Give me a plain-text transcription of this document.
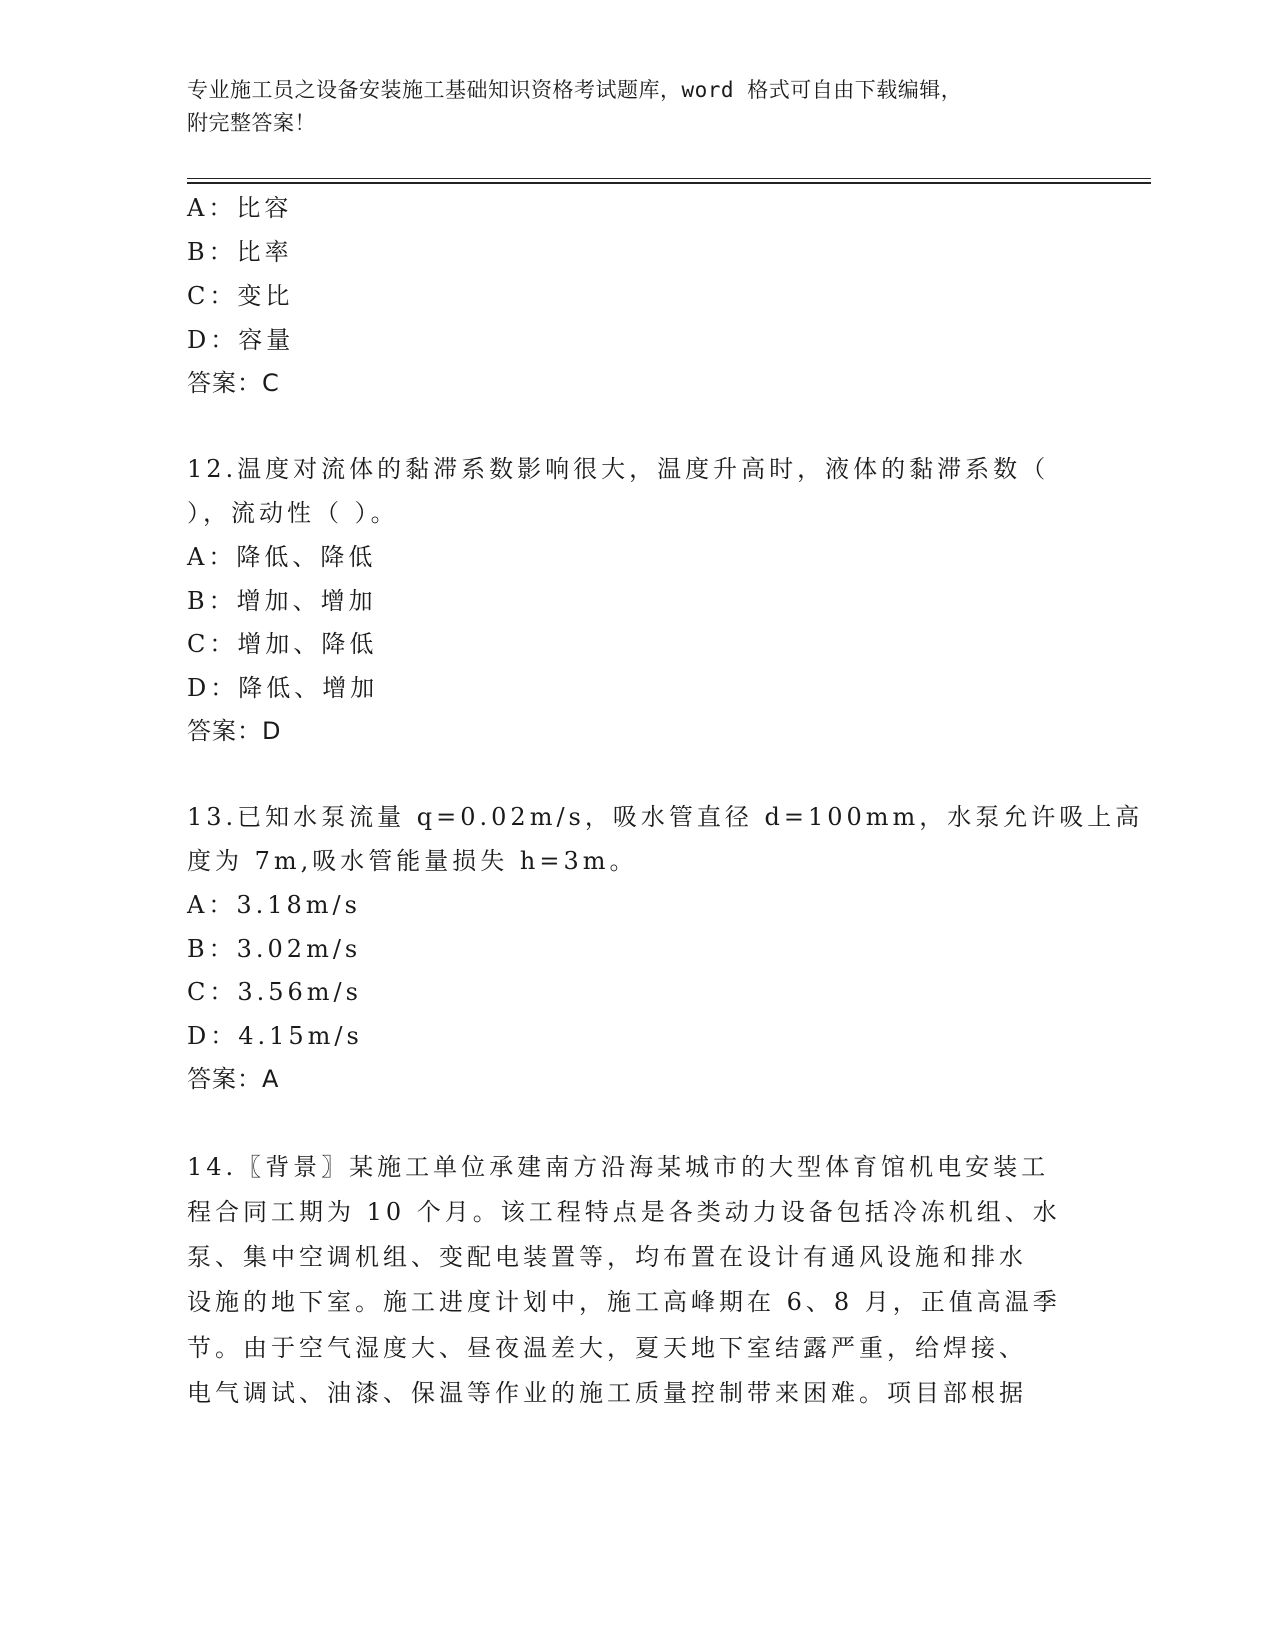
专业施工员之设备安装施工基础知识资格考试题库，word 格式可自由下载编辑，
附完整答案！
A：比容
B：比率
C：变比
D：容量
答案：C
12.温度对流体的黏滞系数影响很大，温度升高时，液体的黏滞系数（
），流动性（ ）。
A：降低、降低
B：增加、增加
C：增加、降低
D：降低、增加
答案：D
13.已知水泵流量 q=0.02m/s，吸水管直径 d=100mm，水泵允许吸上高
度为 7m,吸水管能量损失 h=3m。
A：3.18m/s
B：3.02m/s
C：3.56m/s
D：4.15m/s
答案：A
14.〖背景〗某施工单位承建南方沿海某城市的大型体育馆机电安装工
程合同工期为 10 个月。该工程特点是各类动力设备包括冷冻机组、水
泵、集中空调机组、变配电装置等，均布置在设计有通风设施和排水
设施的地下室。施工进度计划中，施工高峰期在 6、8 月，正值高温季
节。由于空气湿度大、昼夜温差大，夏天地下室结露严重，给焊接、
电气调试、油漆、保温等作业的施工质量控制带来困难。项目部根据
